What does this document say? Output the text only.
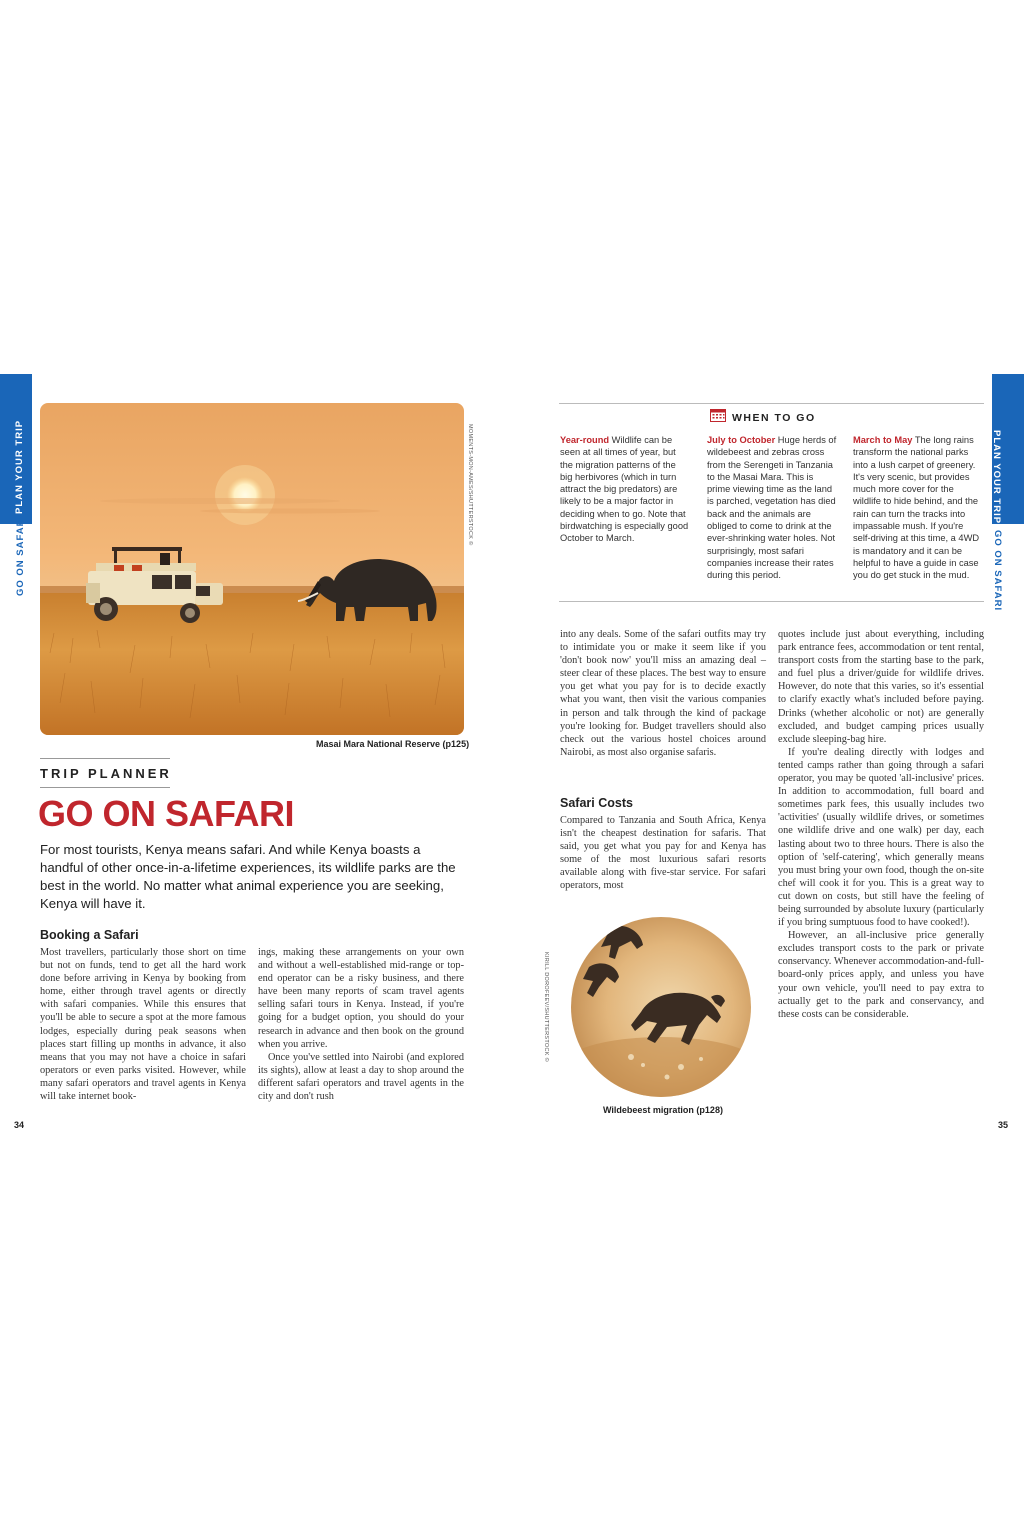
PLAN YOUR TRIP
GO ON SAFARI
MOMENTS-MON-AMES/SHUTTERSTOCK ©
Masai Mara National Reserve (p125)
TRIP PLANNER
GO ON SAFARI
For most tourists, Kenya means safari. And while Kenya boasts a handful of other once-in-a-lifetime experiences, its wildlife parks are the best in the world. No matter what animal experience you are seeking, Kenya will have it.
Booking a Safari

Most travellers, particularly those short on time but not on funds, tend to get all the hard work done before arriving in Kenya by booking from home, either through travel agents or directly with safari companies. While this ensures that you'll be able to secure a spot at the more famous lodges, especially during peak seasons when places start filling up months in advance, it also means that you may not have a choice in safari operators or even parks visited. However, while many safari operators and travel agents in Kenya will take internet book-

ings, making these arrangements on your own and without a well-established mid-range or top-end operator can be a risky business, and there have been many reports of scam travel agents selling safari tours in Kenya. Instead, if you're going for a budget option, you should do your research in advance and then book on the ground when you arrive.

Once you've settled into Nairobi (and explored its sights), allow at least a day to shop around the different safari operators and travel agents in the city and don't rush

34
PLAN YOUR TRIP
GO ON SAFARI
WHEN TO GO
Year-round Wildlife can be seen at all times of year, but the migration patterns of the big herbivores (which in turn attract the big predators) are likely to be a major factor in deciding when to go. Note that birdwatching is especially good October to March.
July to October Huge herds of wildebeest and zebras cross from the Serengeti in Tanzania to the Masai Mara. This is prime viewing time as the land is parched, vegetation has died back and the animals are obliged to come to drink at the ever-shrinking water holes. Not surprisingly, most safari companies increase their rates during this period.
March to May The long rains transform the national parks into a lush carpet of greenery. It's very scenic, but provides much more cover for the wildlife to hide behind, and the rain can turn the tracks into impassable mush. If you're self-driving at this time, a 4WD is mandatory and it can be helpful to have a guide in case you do get stuck in the mud.

into any deals. Some of the safari outfits may try to intimidate you or make it seem like if you 'don't book now' you'll miss an amazing deal – steer clear of these places. The best way to ensure you get what you pay for is to decide exactly what you want, then visit the various companies in person and talk through the kind of package you're looking for. Budget travellers should also check out the various hostel choices around Nairobi, as most also organise safaris.

Safari Costs

Compared to Tanzania and South Africa, Kenya isn't the cheapest destination for safaris. That said, you get what you pay for and Kenya has some of the most luxurious safari resorts available along with five-star service. For safari operators, most

KIRILL DOROFEEV/SHUTTERSTOCK ©
Wildebeest migration (p128)

quotes include just about everything, including park entrance fees, accommodation or tent rental, transport costs from the starting base to the park, and fuel plus a driver/guide for wildlife drives. However, do note that this varies, so it's essential to clarify exactly what's included before paying. Drinks (whether alcoholic or not) are generally excluded, and budget camping prices usually exclude sleeping-bag hire.

If you're dealing directly with lodges and tented camps rather than going through a safari operator, you may be quoted 'all-inclusive' prices. In addition to accommodation, full board and sometimes park fees, this usually includes two 'activities' (usually wildlife drives, or sometimes one wildlife drive and one walk) per day, each lasting about two to three hours. There is also the option of 'self-catering', which generally means you must bring your own food, though the on-site chef will cook it for you. This is a great way to cut down on costs, but still have the feeling of being surrounded by absolute luxury (particularly if you bring sumptuous food to have cooked!).

However, an all-inclusive price generally excludes transport costs to the park or private conservancy. Whenever accommodation-and-full-board-only prices apply, and unless you have your own vehicle, you'll need to pay extra to actually get to the park and conservancy, and these costs can be considerable.

35
